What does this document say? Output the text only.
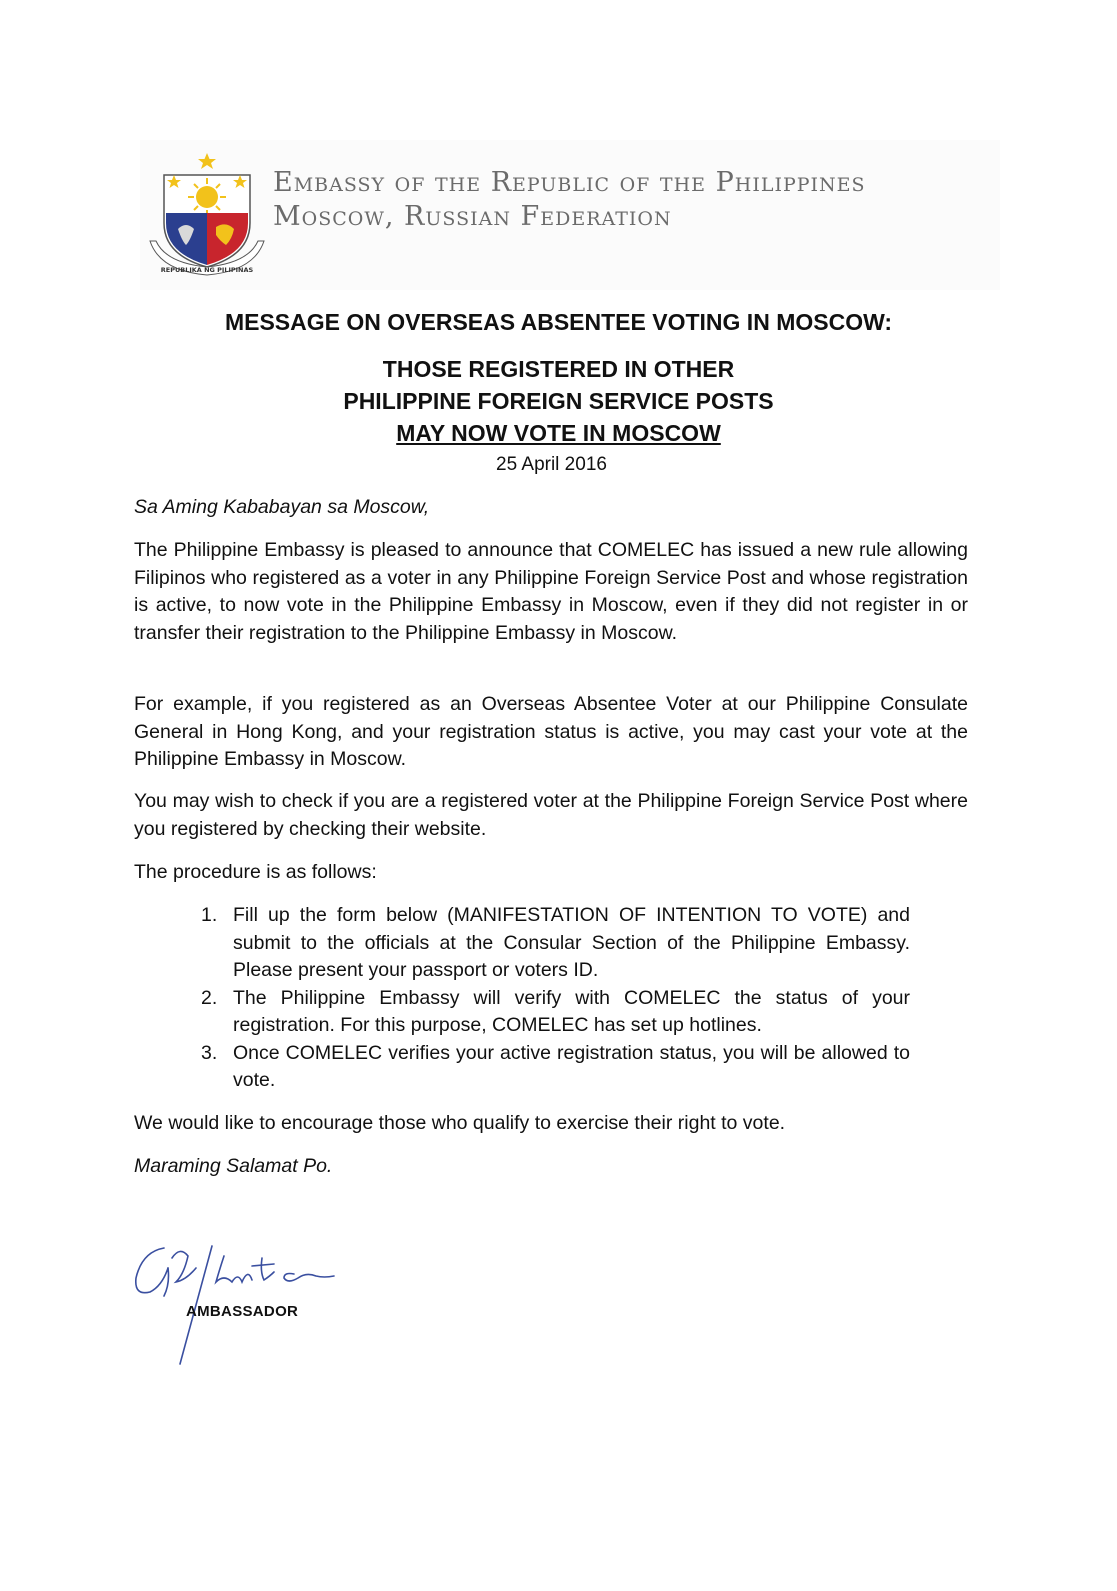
REPUBLIKA NG PILIPINAS
Embassy of the Republic of the Philippines
Moscow, Russian Federation
MESSAGE ON OVERSEAS ABSENTEE VOTING IN MOSCOW:
THOSE REGISTERED IN OTHER
PHILIPPINE FOREIGN SERVICE POSTS
MAY NOW VOTE IN MOSCOW
25 April 2016
Sa Aming Kababayan sa Moscow,
The Philippine Embassy is pleased to announce that COMELEC has issued a new rule allowing Filipinos who registered as a voter in any Philippine Foreign Service Post and whose registration is active, to now vote in the Philippine Embassy in Moscow, even if they did not register in or transfer their registration to the Philippine Embassy in Moscow.
For example, if you registered as an Overseas Absentee Voter at our Philippine Consulate General in Hong Kong, and your registration status is active, you may cast your vote at the Philippine Embassy in Moscow.
You may wish to check if you are a registered voter at the Philippine Foreign Service Post where you registered by checking their website.
The procedure is as follows:
1. Fill up the form below (MANIFESTATION OF INTENTION TO VOTE) and submit to the officials at the Consular Section of the Philippine Embassy. Please present your passport or voters ID.
2. The Philippine Embassy will verify with COMELEC the status of your registration. For this purpose, COMELEC has set up hotlines.
3. Once COMELEC verifies your active registration status, you will be allowed to vote.
We would like to encourage those who qualify to exercise their right to vote.
Maraming Salamat Po.
AMBASSADOR
